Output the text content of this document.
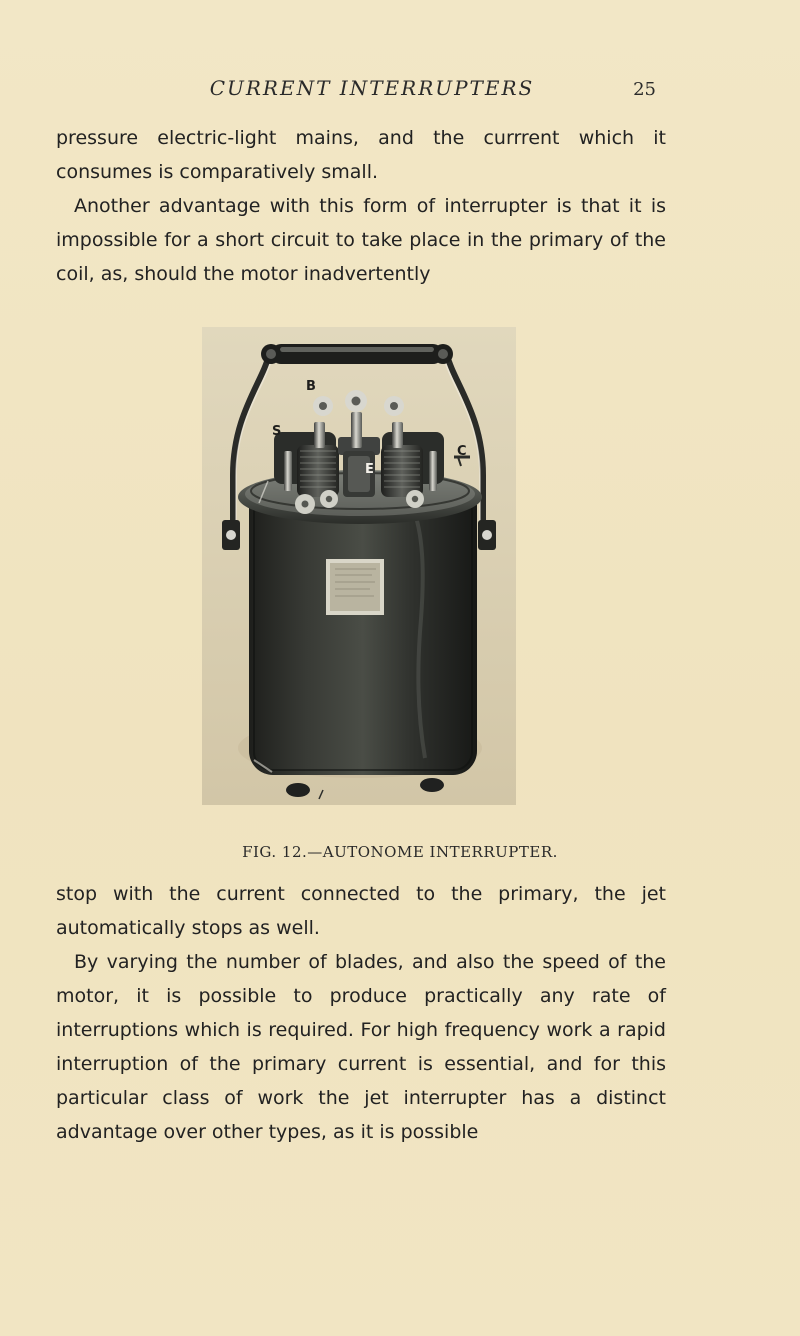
CURRENT INTERRUPTERS	25

pressure electric-light mains, and the currrent which it consumes is comparatively small.

Another advantage with this form of interrupter is that it is impossible for a short circuit to take place in the primary of the coil, as, should the motor inadvertently

B
S
C
E
FIG. 12.—AUTONOME INTERRUPTER.

stop with the current connected to the primary, the jet automatically stops as well.

By varying the number of blades, and also the speed of the motor, it is possible to produce practically any rate of interruptions which is required. For high frequency work a rapid interruption of the primary current is essential, and for this particular class of work the jet interrupter has a distinct advantage over other types, as it is possible
